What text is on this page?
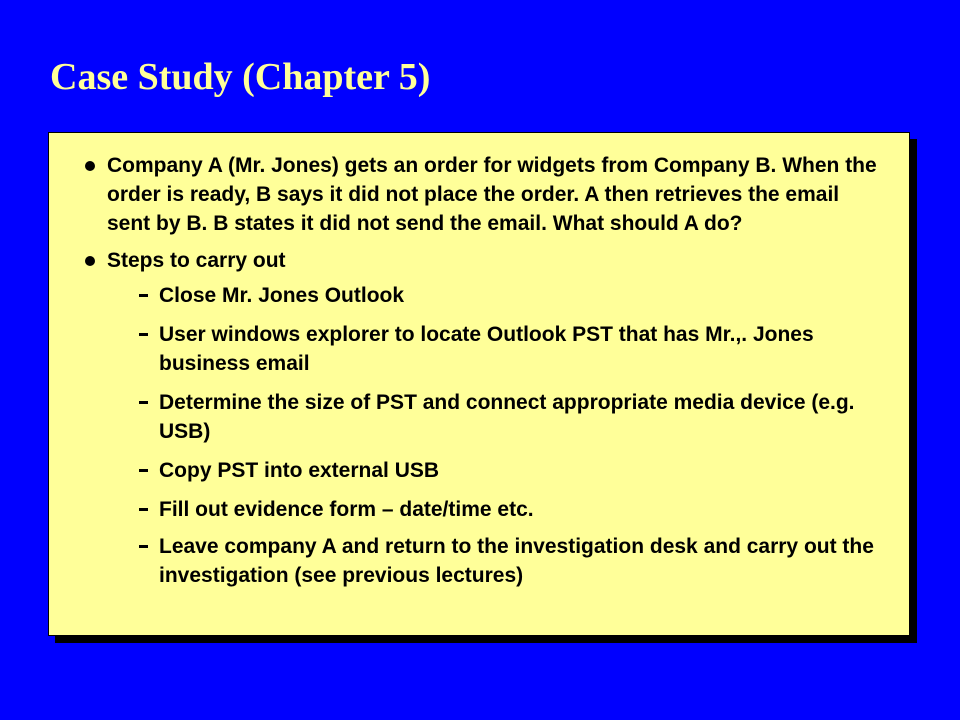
Case Study (Chapter 5)
Company A (Mr. Jones) gets an order for widgets from Company B. When the order is ready, B says it did not place the order. A then retrieves the email sent by B. B states it did not send the email. What should A do?
Steps to carry out
Close Mr. Jones Outlook
User windows explorer to locate Outlook PST that has Mr.,. Jones business email
Determine the size of PST and connect appropriate media device (e.g. USB)
Copy PST into external USB
Fill out evidence form – date/time etc.
Leave company A and return to the investigation desk and carry out the investigation (see previous lectures)
